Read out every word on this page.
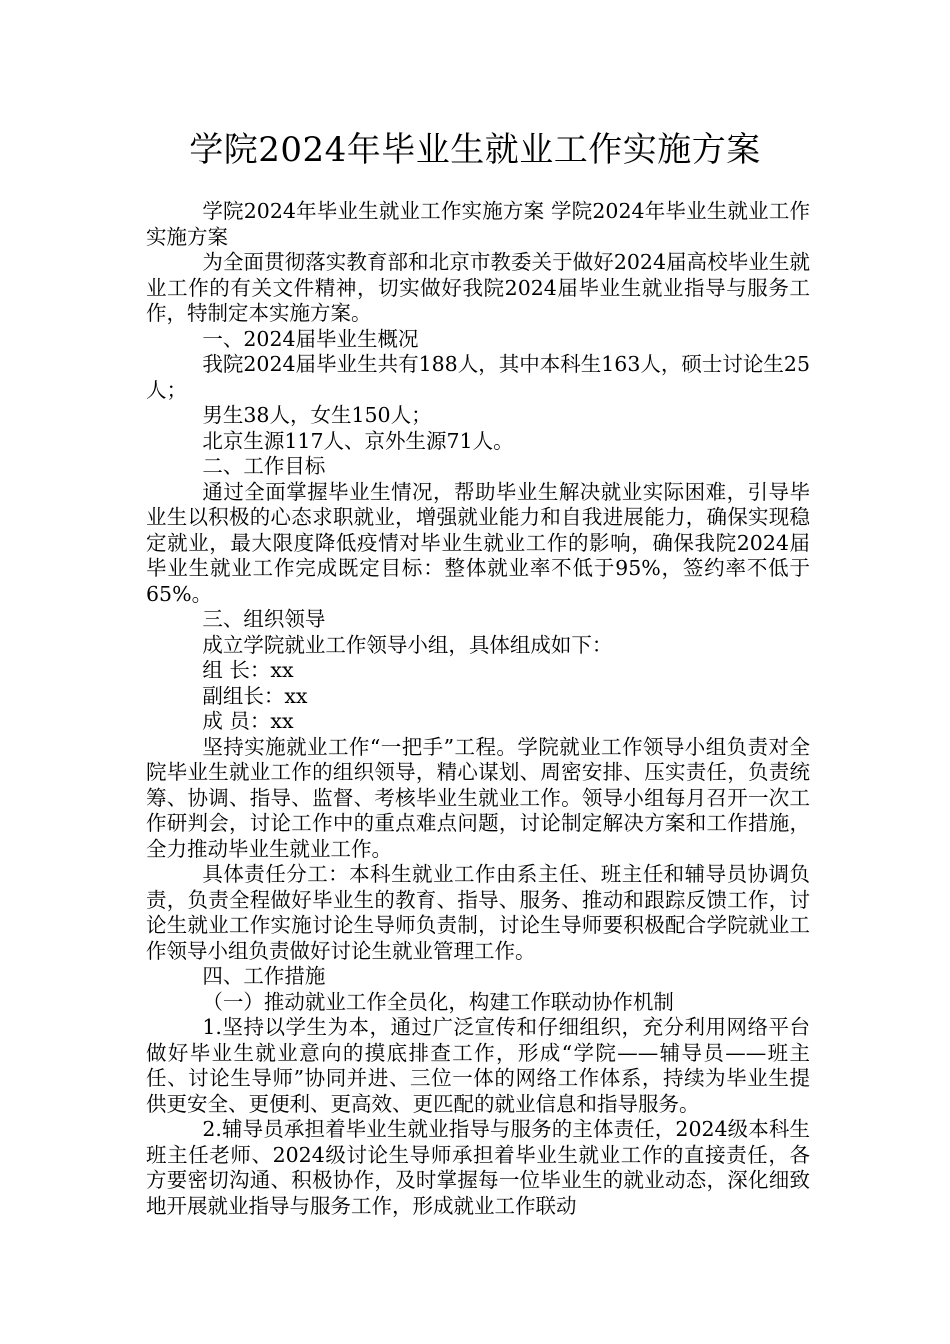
学院2024年毕业生就业工作实施方案

学院2024年毕业生就业工作实施方案 学院2024年毕业生就业工作实施方案

为全面贯彻落实教育部和北京市教委关于做好2024届高校毕业生就业工作的有关文件精神，切实做好我院2024届毕业生就业指导与服务工作，特制定本实施方案。

一、2024届毕业生概况

我院2024届毕业生共有188人，其中本科生163人，硕士讨论生25人；

男生38人，女生150人；

北京生源117人、京外生源71人。

二、工作目标

通过全面掌握毕业生情况，帮助毕业生解决就业实际困难，引导毕业生以积极的心态求职就业，增强就业能力和自我进展能力，确保实现稳定就业，最大限度降低疫情对毕业生就业工作的影响，确保我院2024届毕业生就业工作完成既定目标：整体就业率不低于95%，签约率不低于65%。

三、组织领导

成立学院就业工作领导小组，具体组成如下：

组 长：xx

副组长：xx

成 员：xx

坚持实施就业工作“一把手”工程。学院就业工作领导小组负责对全院毕业生就业工作的组织领导，精心谋划、周密安排、压实责任，负责统筹、协调、指导、监督、考核毕业生就业工作。领导小组每月召开一次工作研判会，讨论工作中的重点难点问题，讨论制定解决方案和工作措施，全力推动毕业生就业工作。

具体责任分工：本科生就业工作由系主任、班主任和辅导员协调负责，负责全程做好毕业生的教育、指导、服务、推动和跟踪反馈工作，讨论生就业工作实施讨论生导师负责制，讨论生导师要积极配合学院就业工作领导小组负责做好讨论生就业管理工作。

四、工作措施

（一）推动就业工作全员化，构建工作联动协作机制

1.坚持以学生为本，通过广泛宣传和仔细组织，充分利用网络平台做好毕业生就业意向的摸底排查工作，形成“学院——辅导员——班主任、讨论生导师”协同并进、三位一体的网络工作体系，持续为毕业生提供更安全、更便利、更高效、更匹配的就业信息和指导服务。

2.辅导员承担着毕业生就业指导与服务的主体责任，2024级本科生班主任老师、2024级讨论生导师承担着毕业生就业工作的直接责任，各方要密切沟通、积极协作，及时掌握每一位毕业生的就业动态，深化细致地开展就业指导与服务工作，形成就业工作联动
